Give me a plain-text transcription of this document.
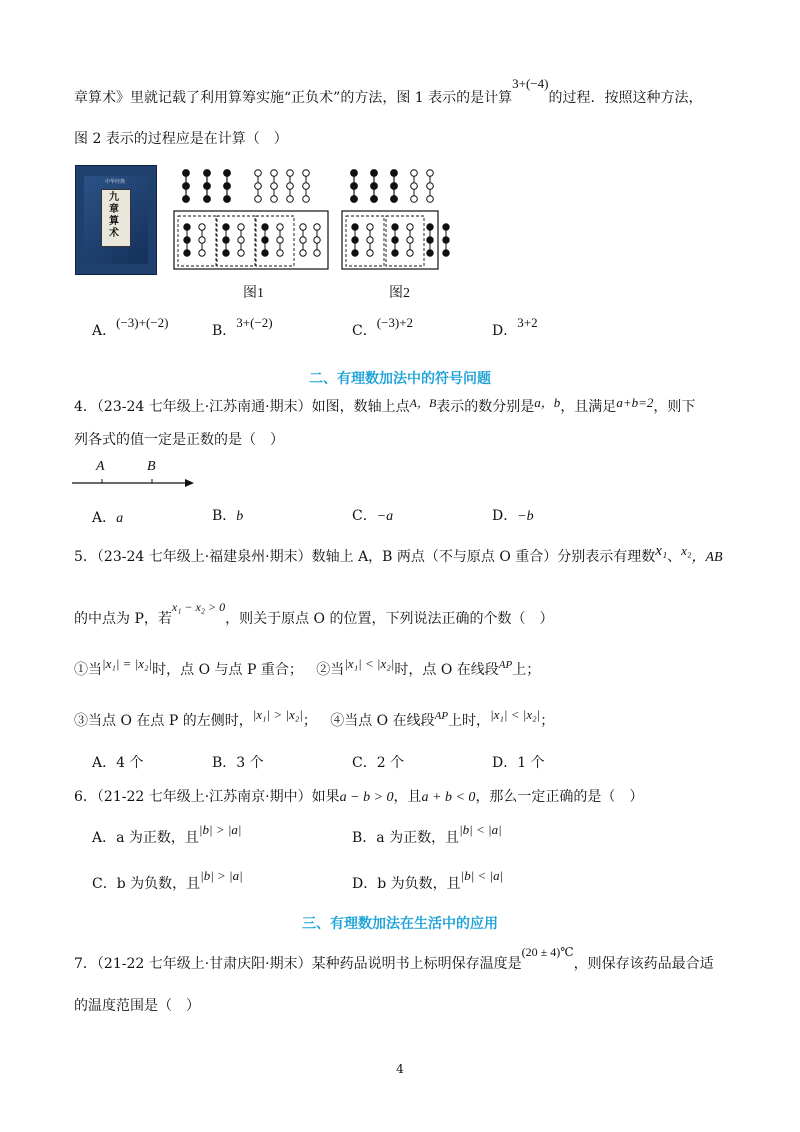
章算术》里就记载了利用算筹实施“正负术”的方法，图 1 表示的是计算3+(−4)的过程．按照这种方法，
图 2 表示的过程应是在计算（　）
中华经典
九章算术
图1	图2
A．(−3)+(−2)
B．3+(−2)
C．(−3)+2
D．3+2
二、有理数加法中的符号问题
4．（23-24 七年级上·江苏南通·期末）如图，数轴上点A，B表示的数分别是a，b，且满足a+b=2，则下
列各式的值一定是正数的是（　）
A	B
A．a	B．b	C．−a	D．−b
5．（23-24 七年级上·福建泉州·期末）数轴上 A，B 两点（不与原点 O 重合）分别表示有理数x₁、x₂，AB
的中点为 P，若x₁ − x₂ > 0，则关于原点 O 的位置，下列说法正确的个数（　）
①当|x₁| = |x₂|时，点 O 与点 P 重合； ②当|x₁| < |x₂|时，点 O 在线段$^{AP}$上；
③当点 O 在点 P 的左侧时，|x₁| > |x₂|； ④当点 O 在线段$^{AP}$上时，|x₁| < |x₂|；
A．4 个	B．3 个	C．2 个	D．1 个
6．（21-22 七年级上·江苏南京·期中）如果a − b > 0，且a + b < 0，那么一定正确的是（　）
A．a 为正数，且|b| > |a|
B．a 为正数，且|b| < |a|
C．b 为负数，且|b| > |a|
D．b 为负数，且|b| < |a|
三、有理数加法在生活中的应用
7．（21-22 七年级上·甘肃庆阳·期末）某种药品说明书上标明保存温度是(20 ± 4)℃，则保存该药品最合适
的温度范围是（　）
4
